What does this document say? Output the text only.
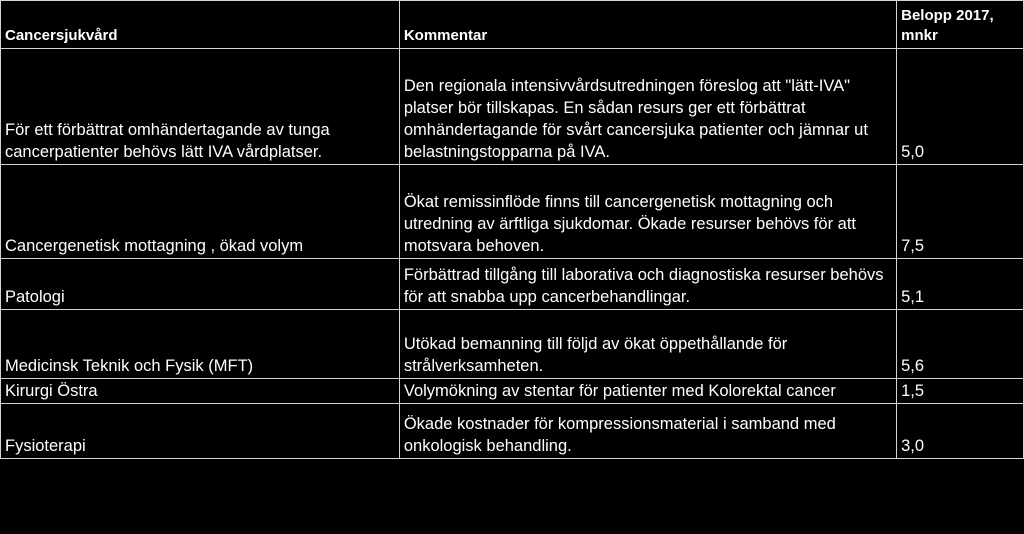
Cancersjukvård	Kommentar	Belopp 2017,
mnkr
För ett förbättrat omhändertagande av tunga cancerpatienter behövs lätt IVA vårdplatser.	Den regionala intensivvårdsutredningen föreslog att "lätt-IVA" platser bör tillskapas. En sådan resurs ger ett förbättrat omhändertagande för svårt cancersjuka patienter och jämnar ut belastningstopparna på IVA.	5,0
Cancergenetisk mottagning , ökad volym	Ökat remissinflöde finns till cancergenetisk mottagning och utredning av ärftliga sjukdomar. Ökade resurser behövs för att motsvara behoven.	7,5
Patologi	Förbättrad tillgång till laborativa och diagnostiska resurser behövs för att snabba upp cancerbehandlingar.	5,1
Medicinsk Teknik och Fysik (MFT)	Utökad bemanning till följd av ökat öppethållande för strålverksamheten.	5,6
Kirurgi Östra	Volymökning av stentar för patienter med Kolorektal cancer	1,5
Fysioterapi	Ökade kostnader för kompressionsmaterial i samband med onkologisk behandling.	3,0
